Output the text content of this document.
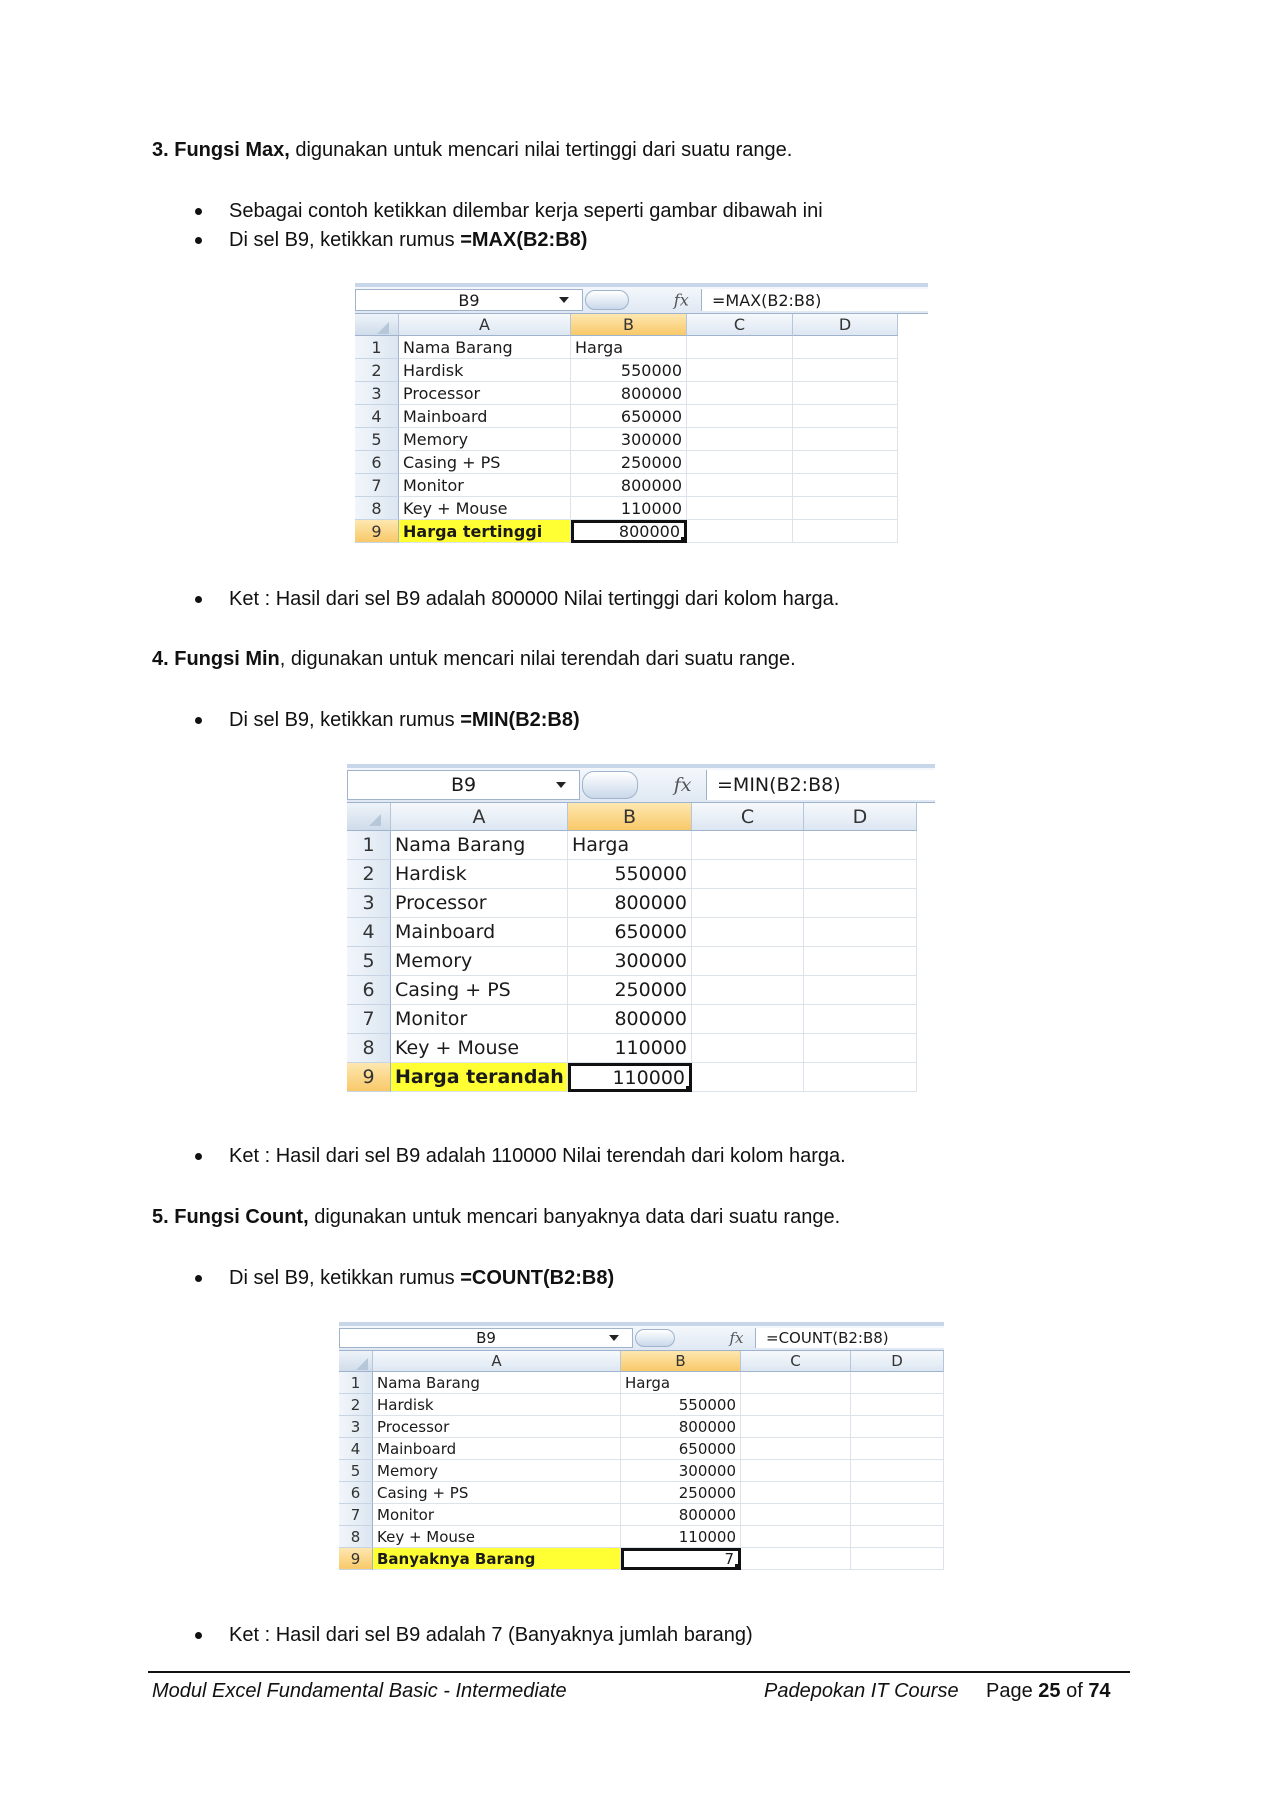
3. Fungsi Max, digunakan untuk mencari nilai tertinggi dari suatu range.
Sebagai contoh ketikkan dilembar kerja seperti gambar dibawah ini
Di sel B9, ketikkan rumus =MAX(B2:B8)
B9	fx =MAX(B2:B8)
A	B	C	D
1	Nama Barang	Harga
2	Hardisk	550000
3	Processor	800000
4	Mainboard	650000
5	Memory	300000
6	Casing + PS	250000
7	Monitor	800000
8	Key + Mouse	110000
9	Harga tertinggi	800000
Ket : Hasil dari sel B9 adalah 800000 Nilai tertinggi dari kolom harga.
4. Fungsi Min, digunakan untuk mencari nilai terendah dari suatu range.
Di sel B9, ketikkan rumus =MIN(B2:B8)
B9	fx =MIN(B2:B8)
A	B	C	D
1	Nama Barang	Harga
2	Hardisk	550000
3	Processor	800000
4	Mainboard	650000
5	Memory	300000
6	Casing + PS	250000
7	Monitor	800000
8	Key + Mouse	110000
9	Harga terandah	110000
Ket : Hasil dari sel B9 adalah 110000 Nilai terendah dari kolom harga.
5. Fungsi Count, digunakan untuk mencari banyaknya data dari suatu range.
Di sel B9, ketikkan rumus =COUNT(B2:B8)
B9	fx =COUNT(B2:B8)
A	B	C	D
1	Nama Barang	Harga
2	Hardisk	550000
3	Processor	800000
4	Mainboard	650000
5	Memory	300000
6	Casing + PS	250000
7	Monitor	800000
8	Key + Mouse	110000
9	Banyaknya Barang	7
Ket : Hasil dari sel B9 adalah 7 (Banyaknya jumlah barang)
Modul Excel Fundamental Basic - Intermediate	Padepokan IT Course Page 25 of 74
